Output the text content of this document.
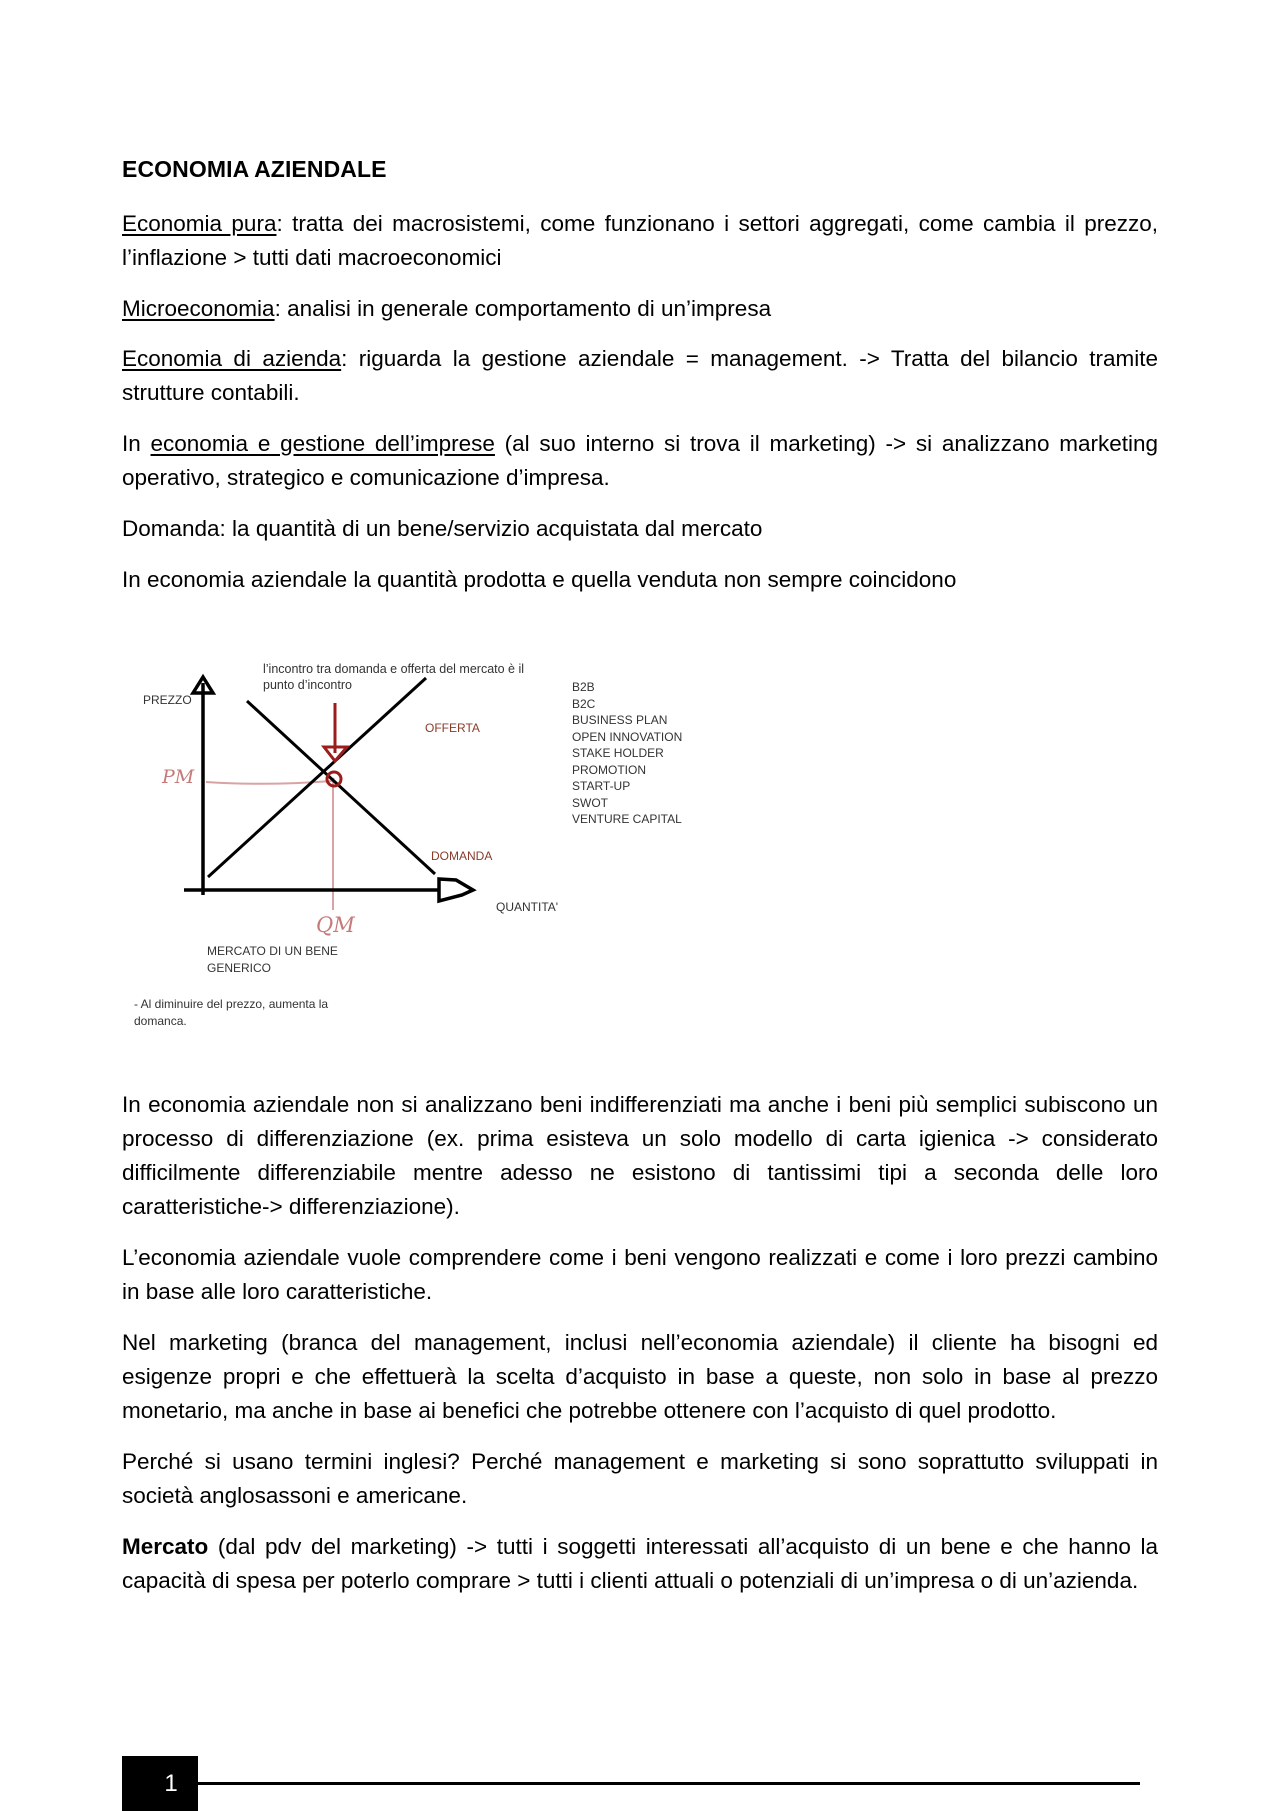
ECONOMIA AZIENDALE

Economia pura: tratta dei macrosistemi, come funzionano i settori aggregati, come cambia il prezzo, l’inflazione > tutti dati macroeconomici

Microeconomia: analisi in generale comportamento di un’impresa

Economia di azienda: riguarda la gestione aziendale = management. -> Tratta del bilancio tramite strutture contabili.

In economia e gestione dell’imprese (al suo interno si trova il marketing) -> si analizzano marketing operativo, strategico e comunicazione d’impresa.

Domanda: la quantità di un bene/servizio acquistata dal mercato

In economia aziendale la quantità prodotta e quella venduta non sempre coincidono

In economia aziendale non si analizzano beni indifferenziati ma anche i beni più semplici subiscono un processo di differenziazione (ex. prima esisteva un solo modello di carta igienica -> considerato difficilmente differenziabile mentre adesso ne esistono di tantissimi tipi a seconda delle loro caratteristiche-> differenziazione).

L’economia aziendale vuole comprendere come i beni vengono realizzati e come i loro prezzi cambino in base alle loro caratteristiche.

Nel marketing (branca del management, inclusi nell’economia aziendale) il cliente ha bisogni ed esigenze propri e che effettuerà la scelta d’acquisto in base a queste, non solo in base al prezzo monetario, ma anche in base ai benefici che potrebbe ottenere con l’acquisto di quel prodotto.

Perché si usano termini inglesi? Perché management e marketing si sono soprattutto sviluppati in società anglosassoni e americane.

Mercato (dal pdv del marketing) -> tutti i soggetti interessati all’acquisto di un bene e che hanno la capacità di spesa per poterlo comprare > tutti i clienti attuali o potenziali di un’impresa o di un’azienda.

PREZZO
QUANTITA'
OFFERTA
DOMANDA
PM
QM
l’incontro tra domanda e offerta del mercato è il punto d’incontro	B2B
B2C
BUSINESS PLAN
OPEN INNOVATION
STAKE HOLDER
PROMOTION
START-UP
SWOT
VENTURE CAPITAL
MERCATO DI UN BENE GENERICO
- Al diminuire del prezzo, aumenta la domanca.
1
